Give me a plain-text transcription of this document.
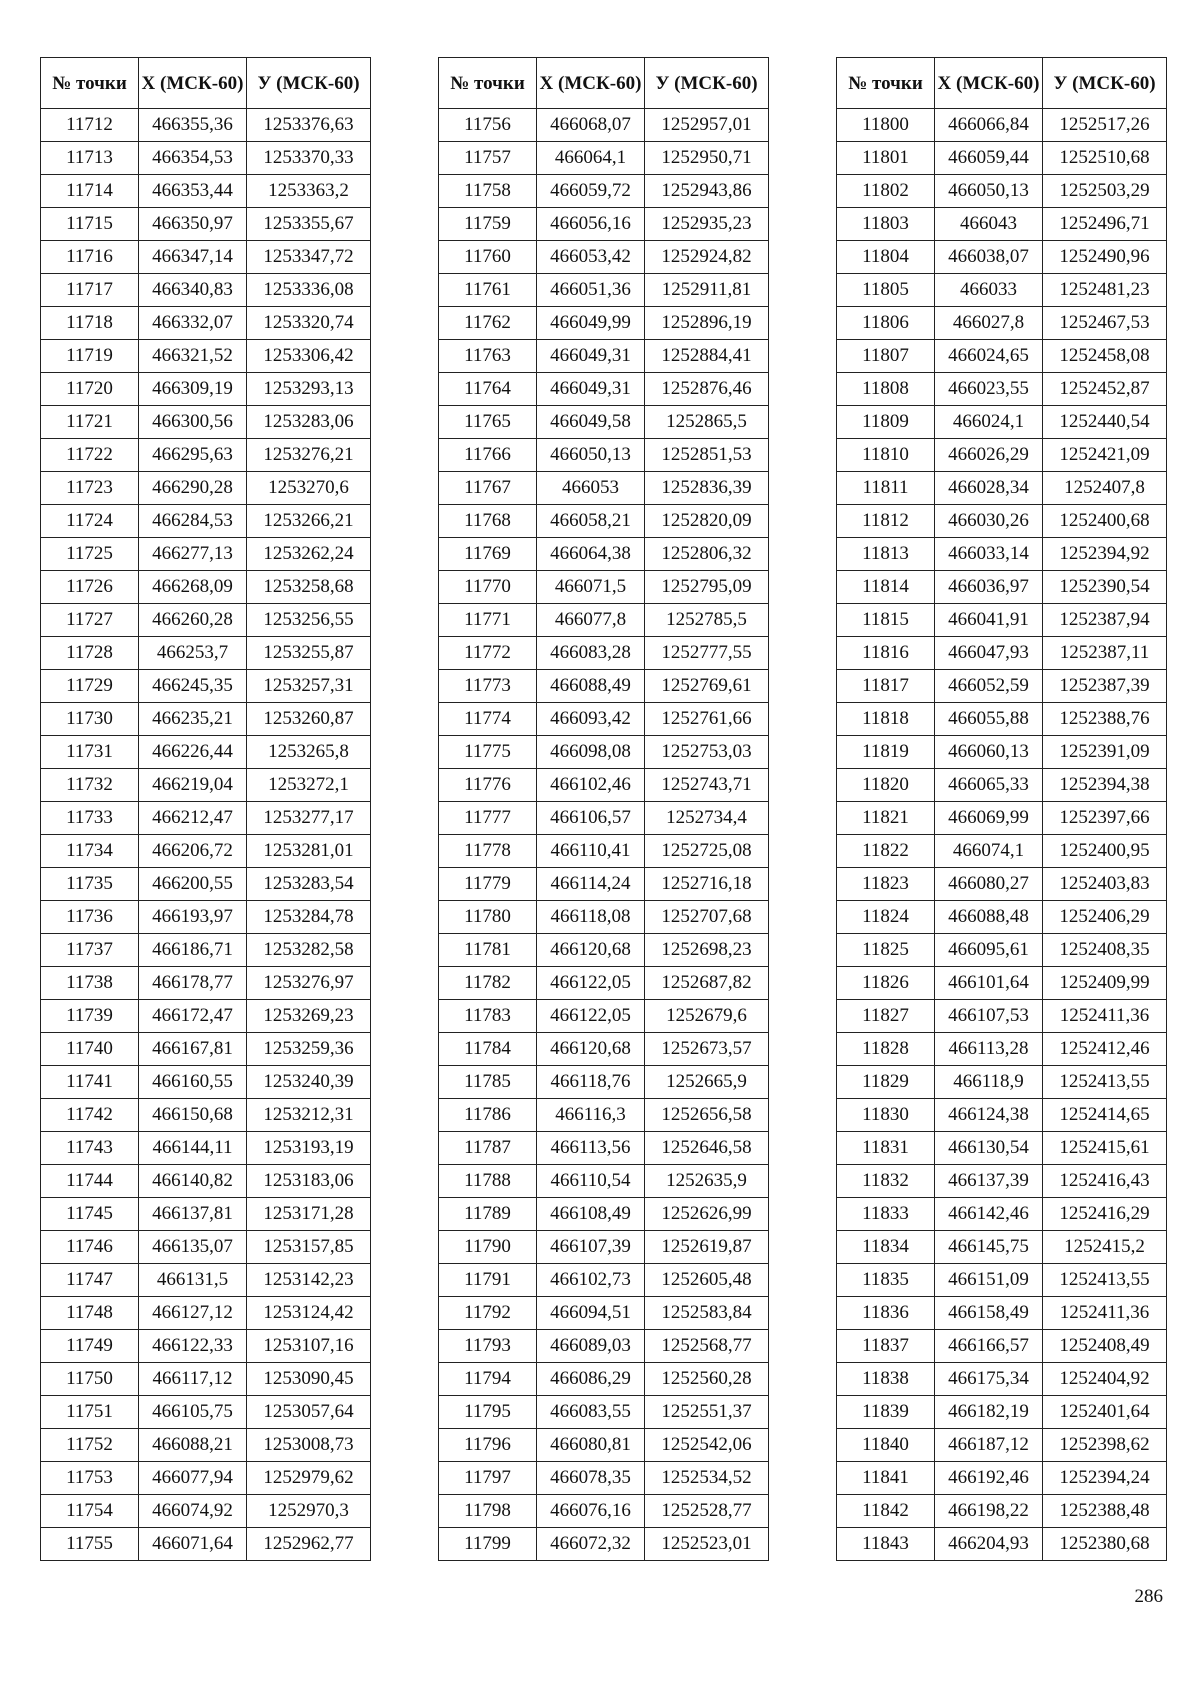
№ точки	X (МСК-60)	У (МСК-60)
11712	466355,36	1253376,63
11713	466354,53	1253370,33
11714	466353,44	1253363,2
11715	466350,97	1253355,67
11716	466347,14	1253347,72
11717	466340,83	1253336,08
11718	466332,07	1253320,74
11719	466321,52	1253306,42
11720	466309,19	1253293,13
11721	466300,56	1253283,06
11722	466295,63	1253276,21
11723	466290,28	1253270,6
11724	466284,53	1253266,21
11725	466277,13	1253262,24
11726	466268,09	1253258,68
11727	466260,28	1253256,55
11728	466253,7	1253255,87
11729	466245,35	1253257,31
11730	466235,21	1253260,87
11731	466226,44	1253265,8
11732	466219,04	1253272,1
11733	466212,47	1253277,17
11734	466206,72	1253281,01
11735	466200,55	1253283,54
11736	466193,97	1253284,78
11737	466186,71	1253282,58
11738	466178,77	1253276,97
11739	466172,47	1253269,23
11740	466167,81	1253259,36
11741	466160,55	1253240,39
11742	466150,68	1253212,31
11743	466144,11	1253193,19
11744	466140,82	1253183,06
11745	466137,81	1253171,28
11746	466135,07	1253157,85
11747	466131,5	1253142,23
11748	466127,12	1253124,42
11749	466122,33	1253107,16
11750	466117,12	1253090,45
11751	466105,75	1253057,64
11752	466088,21	1253008,73
11753	466077,94	1252979,62
11754	466074,92	1252970,3
11755	466071,64	1252962,77
№ точки	X (МСК-60)	У (МСК-60)
11756	466068,07	1252957,01
11757	466064,1	1252950,71
11758	466059,72	1252943,86
11759	466056,16	1252935,23
11760	466053,42	1252924,82
11761	466051,36	1252911,81
11762	466049,99	1252896,19
11763	466049,31	1252884,41
11764	466049,31	1252876,46
11765	466049,58	1252865,5
11766	466050,13	1252851,53
11767	466053	1252836,39
11768	466058,21	1252820,09
11769	466064,38	1252806,32
11770	466071,5	1252795,09
11771	466077,8	1252785,5
11772	466083,28	1252777,55
11773	466088,49	1252769,61
11774	466093,42	1252761,66
11775	466098,08	1252753,03
11776	466102,46	1252743,71
11777	466106,57	1252734,4
11778	466110,41	1252725,08
11779	466114,24	1252716,18
11780	466118,08	1252707,68
11781	466120,68	1252698,23
11782	466122,05	1252687,82
11783	466122,05	1252679,6
11784	466120,68	1252673,57
11785	466118,76	1252665,9
11786	466116,3	1252656,58
11787	466113,56	1252646,58
11788	466110,54	1252635,9
11789	466108,49	1252626,99
11790	466107,39	1252619,87
11791	466102,73	1252605,48
11792	466094,51	1252583,84
11793	466089,03	1252568,77
11794	466086,29	1252560,28
11795	466083,55	1252551,37
11796	466080,81	1252542,06
11797	466078,35	1252534,52
11798	466076,16	1252528,77
11799	466072,32	1252523,01
№ точки	X (МСК-60)	У (МСК-60)
11800	466066,84	1252517,26
11801	466059,44	1252510,68
11802	466050,13	1252503,29
11803	466043	1252496,71
11804	466038,07	1252490,96
11805	466033	1252481,23
11806	466027,8	1252467,53
11807	466024,65	1252458,08
11808	466023,55	1252452,87
11809	466024,1	1252440,54
11810	466026,29	1252421,09
11811	466028,34	1252407,8
11812	466030,26	1252400,68
11813	466033,14	1252394,92
11814	466036,97	1252390,54
11815	466041,91	1252387,94
11816	466047,93	1252387,11
11817	466052,59	1252387,39
11818	466055,88	1252388,76
11819	466060,13	1252391,09
11820	466065,33	1252394,38
11821	466069,99	1252397,66
11822	466074,1	1252400,95
11823	466080,27	1252403,83
11824	466088,48	1252406,29
11825	466095,61	1252408,35
11826	466101,64	1252409,99
11827	466107,53	1252411,36
11828	466113,28	1252412,46
11829	466118,9	1252413,55
11830	466124,38	1252414,65
11831	466130,54	1252415,61
11832	466137,39	1252416,43
11833	466142,46	1252416,29
11834	466145,75	1252415,2
11835	466151,09	1252413,55
11836	466158,49	1252411,36
11837	466166,57	1252408,49
11838	466175,34	1252404,92
11839	466182,19	1252401,64
11840	466187,12	1252398,62
11841	466192,46	1252394,24
11842	466198,22	1252388,48
11843	466204,93	1252380,68
286
